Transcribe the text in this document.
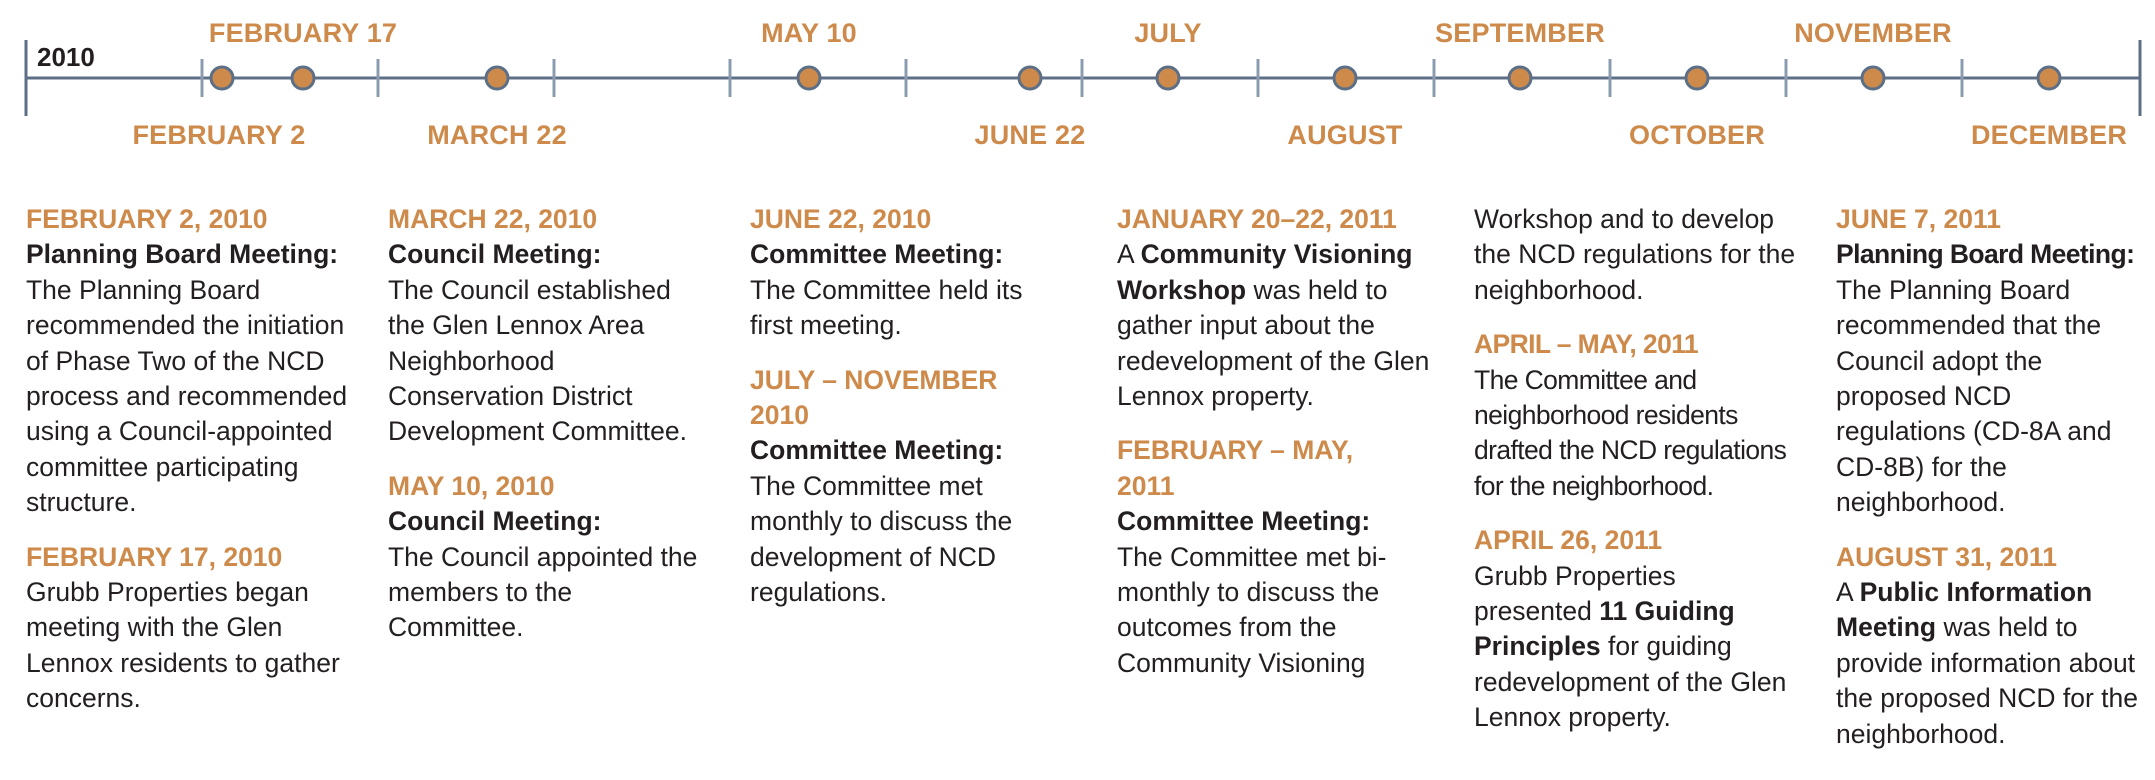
2010
FEBRUARY 17	MAY 10	JULY	SEPTEMBER	NOVEMBER
FEBRUARY 2	MARCH 22	JUNE 22	AUGUST	OCTOBER	DECEMBER
FEBRUARY 2, 2010
Planning Board Meeting:
The Planning Board recommended the initiation of Phase Two of the NCD process and recommended using a Council-appointed committee participating structure.
FEBRUARY 17, 2010
Grubb Properties began meeting with the Glen Lennox residents to gather concerns.
MARCH 22, 2010
Council Meeting:
The Council established the Glen Lennox Area Neighborhood Conservation District Development Committee.
MAY 10, 2010
Council Meeting:
The Council appointed the members to the Committee.
JUNE 22, 2010
Committee Meeting:
The Committee held its first meeting.
JULY – NOVEMBER 2010
Committee Meeting:
The Committee met monthly to discuss the development of NCD regulations.
JANUARY 20–22, 2011
A Community Visioning Workshop was held to gather input about the redevelopment of the Glen Lennox property.
FEBRUARY – MAY, 2011
Committee Meeting:
The Committee met bi-monthly to discuss the outcomes from the Community Visioning
Workshop and to develop the NCD regulations for the neighborhood.
APRIL – MAY, 2011
The Committee and neighborhood residents drafted the NCD regulations for the neighborhood.
APRIL 26, 2011
Grubb Properties presented 11 Guiding Principles for guiding redevelopment of the Glen Lennox property.
JUNE 7, 2011
Planning Board Meeting:
The Planning Board recommended that the Council adopt the proposed NCD regulations (CD-8A and CD-8B) for the neighborhood.
AUGUST 31, 2011
A Public Information Meeting was held to provide information about the proposed NCD for the neighborhood.
